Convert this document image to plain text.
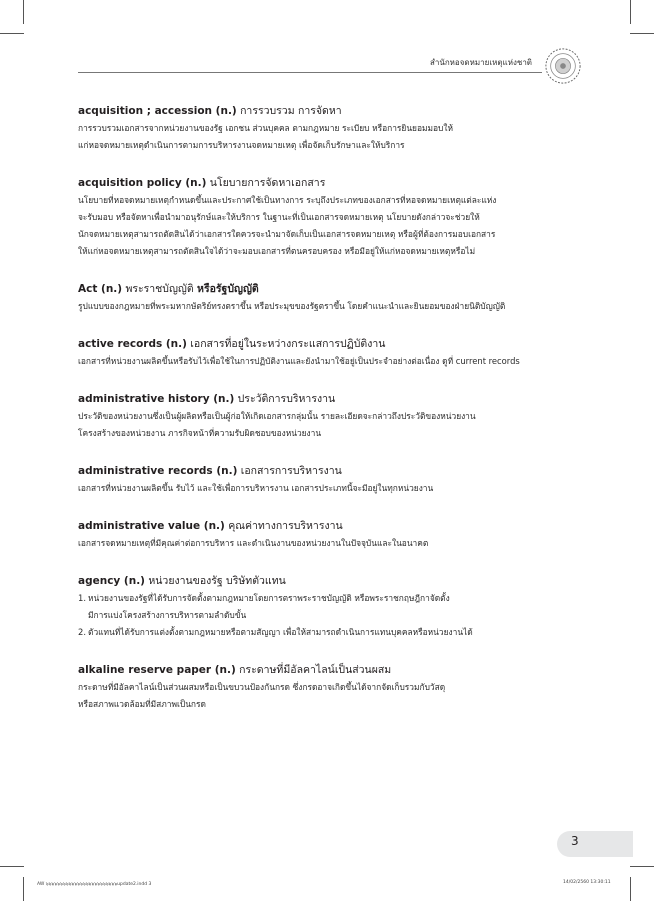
สำนักหอจดหมายเหตุแห่งชาติ
acquisition ; accession (n.) การรวบรวม การจัดหา
การรวบรวมเอกสารจากหน่วยงานของรัฐ เอกชน ส่วนบุคคล ตามกฎหมาย ระเบียบ หรือการยินยอมมอบให้
แก่หอจดหมายเหตุดำเนินการตามการบริหารงานจดหมายเหตุ เพื่อจัดเก็บรักษาและให้บริการ
acquisition policy (n.) นโยบายการจัดหาเอกสาร
นโยบายที่หอจดหมายเหตุกำหนดขึ้นและประกาศใช้เป็นทางการ ระบุถึงประเภทของเอกสารที่หอจดหมายเหตุแต่ละแห่ง
จะรับมอบ หรือจัดหาเพื่อนำมาอนุรักษ์และให้บริการ ในฐานะที่เป็นเอกสารจดหมายเหตุ นโยบายดังกล่าวจะช่วยให้
นักจดหมายเหตุสามารถตัดสินได้ว่าเอกสารใดควรจะนำมาจัดเก็บเป็นเอกสารจดหมายเหตุ หรือผู้ที่ต้องการมอบเอกสาร
ให้แก่หอจดหมายเหตุสามารถตัดสินใจได้ว่าจะมอบเอกสารที่ตนครอบครอง หรือมีอยู่ให้แก่หอจดหมายเหตุหรือไม่
Act (n.) พระราชบัญญัติ หรือรัฐบัญญัติ
รูปแบบของกฎหมายที่พระมหากษัตริย์ทรงตราขึ้น หรือประมุขของรัฐตราขึ้น โดยคำแนะนำและยินยอมของฝ่ายนิติบัญญัติ
active records (n.) เอกสารที่อยู่ในระหว่างกระแสการปฏิบัติงาน
เอกสารที่หน่วยงานผลิตขึ้นหรือรับไว้เพื่อใช้ในการปฏิบัติงานและยังนำมาใช้อยู่เป็นประจำอย่างต่อเนื่อง ดูที่ current records
administrative history (n.) ประวัติการบริหารงาน
ประวัติของหน่วยงานซึ่งเป็นผู้ผลิตหรือเป็นผู้ก่อให้เกิดเอกสารกลุ่มนั้น รายละเอียดจะกล่าวถึงประวัติของหน่วยงาน
โครงสร้างของหน่วยงาน ภารกิจหน้าที่ความรับผิดชอบของหน่วยงาน
administrative records (n.) เอกสารการบริหารงาน
เอกสารที่หน่วยงานผลิตขึ้น รับไว้ และใช้เพื่อการบริหารงาน เอกสารประเภทนี้จะมีอยู่ในทุกหน่วยงาน
administrative value (n.) คุณค่าทางการบริหารงาน
เอกสารจดหมายเหตุที่มีคุณค่าต่อการบริหาร และดำเนินงานของหน่วยงานในปัจจุบันและในอนาคต
agency (n.) หน่วยงานของรัฐ บริษัทตัวแทน
1. หน่วยงานของรัฐที่ได้รับการจัดตั้งตามกฎหมายโดยการตราพระราชบัญญัติ หรือพระราชกฤษฎีกาจัดตั้ง
มีการแบ่งโครงสร้างการบริหารตามลำดับขั้น
2. ตัวแทนที่ได้รับการแต่งตั้งตามกฎหมายหรือตามสัญญา เพื่อให้สามารถดำเนินการแทนบุคคลหรือหน่วยงานได้
alkaline reserve paper (n.) กระดาษที่มีอัลคาไลน์เป็นส่วนผสม
กระดาษที่มีอัลคาไลน์เป็นส่วนผสมหรือเป็นขบวนป้องกันกรด ซึ่งกรดอาจเกิดขึ้นได้จากจัดเก็บรวมกับวัสดุ
หรือสภาพแวดล้อมที่มีสภาพเป็นกรด
3
AW ๖๖๖๖๖๖๖๖๖๖๖๖๖๖๖๖๖๖๖๖๖๖๖๖๖update2.indd 3	14/02/2560 13:30:11
